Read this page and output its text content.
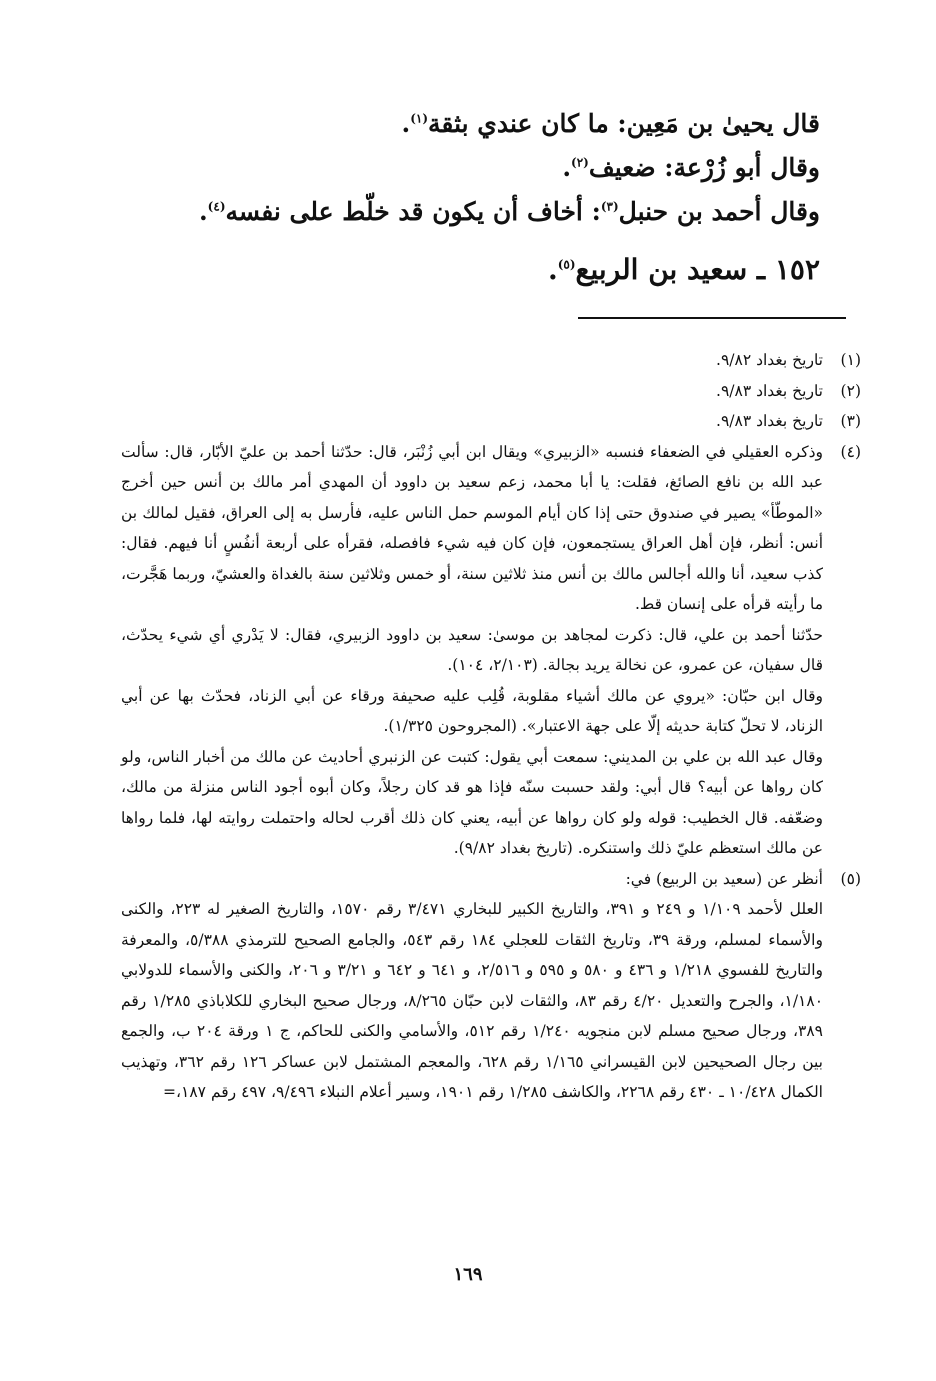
قال يحيىٰ بن مَعِين: ما كان عندي بثقة$^{(١)}$.
وقال أبو زُرْعة: ضعيف$^{(٢)}$.
وقال أحمد بن حنبل$^{(٣)}$: أخاف أن يكون قد خلّط على نفسه$^{(٤)}$.
١٥٢ ـ سعيد بن الربيع$^{(٥)}$.
(١)

تاريخ بغداد ٩/٨٢.

(٢)

تاريخ بغداد ٩/٨٣.

(٣)

تاريخ بغداد ٩/٨٣.

(٤)

وذكره العقيلي في الضعفاء فنسبه «الزبيري» ويقال ابن أبي زُنْبَر، قال: حدّثنا أحمد بن عليّ الأبّار، قال: سألت عبد الله بن نافع الصائغ، فقلت: يا أبا محمد، زعم سعيد بن داوود أن المهدي أمر مالك بن أنس حين أخرج «الموطّأ» يصير في صندوق حتى إذا كان أيام الموسم حمل الناس عليه، فأرسل به إلى العراق، فقيل لمالك بن أنس: أنظر، فإن أهل العراق يستجمعون، فإن كان فيه شيء فافصله، فقرأه على أربعة أنفُسٍ أنا فيهم. فقال: كذب سعيد، أنا والله أجالس مالك بن أنس منذ ثلاثين سنة، أو خمس وثلاثين سنة بالغداة والعشيّ، وربما هَجَّرت، ما رأيته قرأه على إنسان قط.

حدّثنا أحمد بن علي، قال: ذكرت لمجاهد بن موسىٰ: سعيد بن داوود الزبيري، فقال: لا يَدْري أي شيء يحدّث، قال سفيان، عن عمرو، عن نخالة يريد بجالة. (٢/١٠٣، ١٠٤).

وقال ابن حبّان: «يروي عن مالك أشياء مقلوبة، قُلِب عليه صحيفة ورقاء عن أبي الزناد، فحدّث بها عن أبي الزناد، لا تحلّ كتابة حديثه إلّا على جهة الاعتبار». (المجروحون ١/٣٢٥).

وقال عبد الله بن علي بن المديني: سمعت أبي يقول: كتبت عن الزنبري أحاديث عن مالك من أخبار الناس، ولو كان رواها عن أبيه؟ قال أبي: ولقد حسبت سنّه فإذا هو قد كان رجلاً، وكان أبوه أجود الناس منزلة من مالك، وضعّفه. قال الخطيب: قوله ولو كان رواها عن أبيه، يعني كان ذلك أقرب لحاله واحتملت روايته لها، فلما رواها عن مالك استعظم عليّ ذلك واستنكره. (تاريخ بغداد ٩/٨٢).

(٥)

أنظر عن (سعيد بن الربيع) في:

العلل لأحمد ١/١٠٩ و ٢٤٩ و ٣٩١، والتاريخ الكبير للبخاري ٣/٤٧١ رقم ١٥٧٠، والتاريخ الصغير له ٢٢٣، والكنى والأسماء لمسلم، ورقة ٣٩، وتاريخ الثقات للعجلي ١٨٤ رقم ٥٤٣، والجامع الصحيح للترمذي ٥/٣٨٨، والمعرفة والتاريخ للفسوي ١/٢١٨ و ٤٣٦ و ٥٨٠ و ٥٩٥ و ٢/٥١٦، و ٦٤١ و ٦٤٢ و ٣/٢١ و ٢٠٦، والكنى والأسماء للدولابي ١/١٨٠، والجرح والتعديل ٤/٢٠ رقم ٨٣، والثقات لابن حبّان ٨/٢٦٥، ورجال صحيح البخاري للكلاباذي ١/٢٨٥ رقم ٣٨٩، ورجال صحيح مسلم لابن منجويه ١/٢٤٠ رقم ٥١٢، والأسامي والكنى للحاكم، ج ١ ورقة ٢٠٤ ب، والجمع بين رجال الصحيحين لابن القيسراني ١/١٦٥ رقم ٦٢٨، والمعجم المشتمل لابن عساكر ١٢٦ رقم ٣٦٢، وتهذيب الكمال ١٠/٤٢٨ ـ ٤٣٠ رقم ٢٢٦٨، والكاشف ١/٢٨٥ رقم ١٩٠١، وسير أعلام النبلاء ٩/٤٩٦، ٤٩٧ رقم ١٨٧،=

١٦٩
